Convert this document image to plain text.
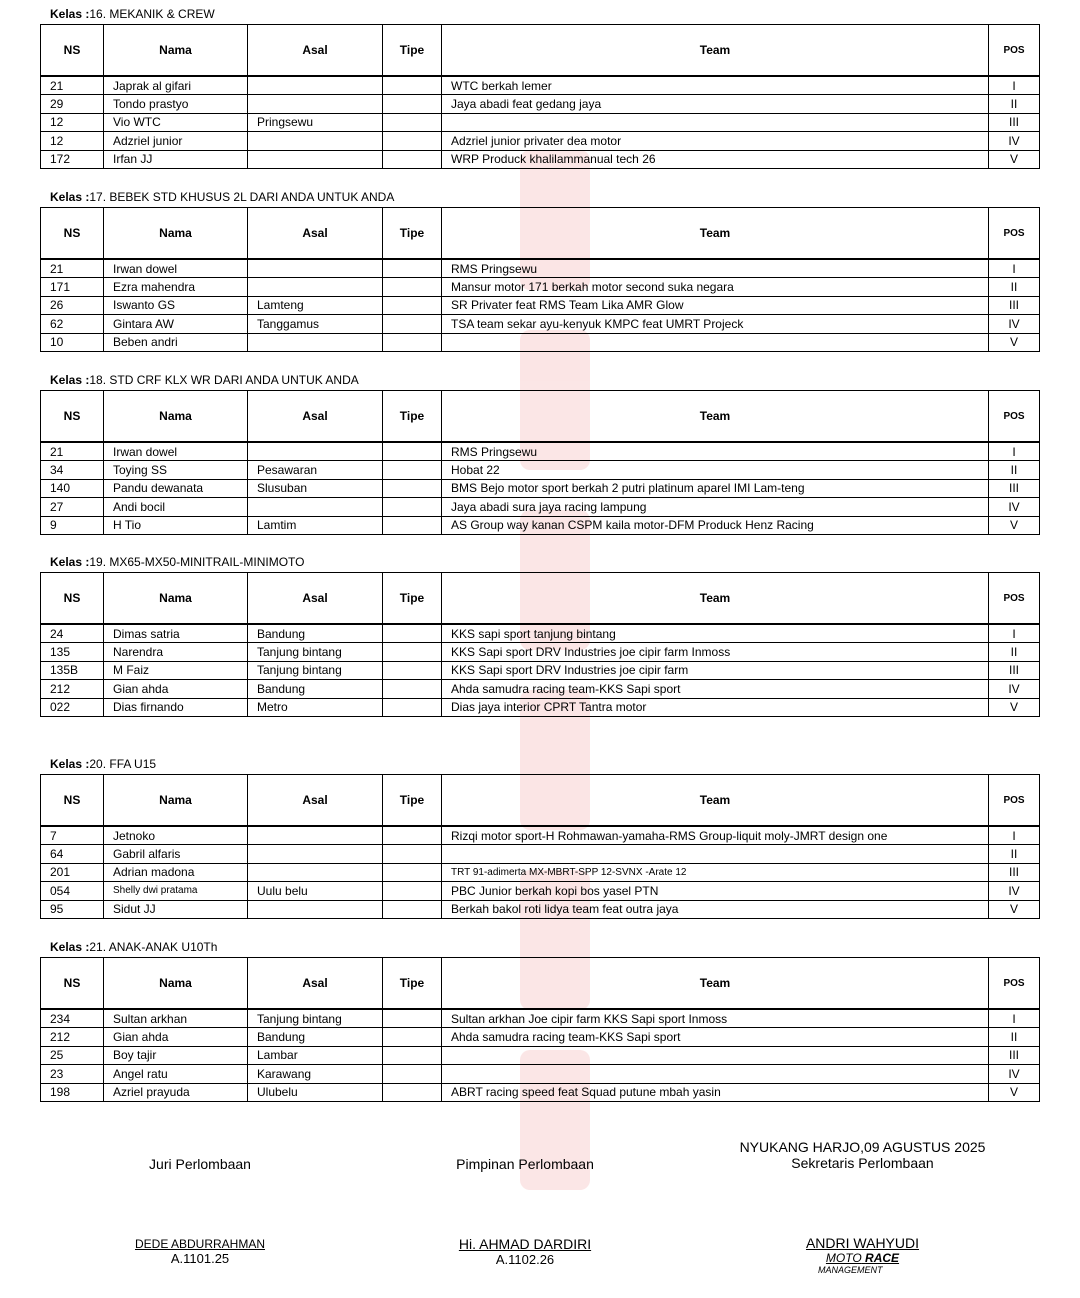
Kelas :16. MEKANIK & CREW
NS	Nama	Asal	Tipe	Team	POS
21	Japrak al gifari			WTC berkah lemer	I
29	Tondo prastyo			Jaya abadi feat gedang jaya	II
12	Vio WTC	Pringsewu			III
12	Adzriel junior			Adzriel junior privater dea motor	IV
172	Irfan JJ			WRP Produck khalilammanual tech 26	V
Kelas :17. BEBEK STD KHUSUS 2L DARI ANDA UNTUK ANDA
NS	Nama	Asal	Tipe	Team	POS
21	Irwan dowel			RMS Pringsewu	I
171	Ezra mahendra			Mansur motor 171 berkah motor second suka negara	II
26	Iswanto GS	Lamteng		SR Privater feat RMS Team Lika AMR Glow	III
62	Gintara AW	Tanggamus		TSA team sekar ayu-kenyuk KMPC feat UMRT Projeck	IV
10	Beben andri				V
Kelas :18. STD CRF KLX WR DARI ANDA UNTUK ANDA
NS	Nama	Asal	Tipe	Team	POS
21	Irwan dowel			RMS Pringsewu	I
34	Toying SS	Pesawaran		Hobat 22	II
140	Pandu dewanata	Slusuban		BMS Bejo motor sport berkah 2 putri platinum aparel IMI Lam-teng	III
27	Andi bocil			Jaya abadi sura jaya racing lampung	IV
9	H Tio	Lamtim		AS Group way kanan CSPM kaila motor-DFM Produck Henz Racing	V
Kelas :19. MX65-MX50-MINITRAIL-MINIMOTO
NS	Nama	Asal	Tipe	Team	POS
24	Dimas satria	Bandung		KKS sapi sport tanjung bintang	I
135	Narendra	Tanjung bintang		KKS Sapi sport DRV Industries joe cipir farm Inmoss	II
135B	M Faiz	Tanjung bintang		KKS Sapi sport DRV Industries joe cipir farm	III
212	Gian ahda	Bandung		Ahda samudra racing team-KKS Sapi sport	IV
022	Dias firnando	Metro		Dias jaya interior CPRT Tantra motor	V
Kelas :20. FFA U15
NS	Nama	Asal	Tipe	Team	POS
7	Jetnoko			Rizqi motor sport-H Rohmawan-yamaha-RMS Group-liquit moly-JMRT design one	I
64	Gabril alfaris				II
201	Adrian madona			TRT 91-adimerta MX-MBRT-SPP 12-SVNX -Arate 12	III
054	Shelly dwi pratama	Uulu belu		PBC Junior berkah kopi bos yasel PTN	IV
95	Sidut JJ			Berkah bakol roti lidya team feat outra jaya	V
Kelas :21. ANAK-ANAK U10Th
NS	Nama	Asal	Tipe	Team	POS
234	Sultan arkhan	Tanjung bintang		Sultan arkhan Joe cipir farm KKS Sapi sport Inmoss	I
212	Gian ahda	Bandung		Ahda samudra racing team-KKS Sapi sport	II
25	Boy tajir	Lambar			III
23	Angel ratu	Karawang			IV
198	Azriel prayuda	Ulubelu		ABRT racing speed feat Squad putune mbah yasin	V
Juri Perlombaan
DEDE ABDURRAHMAN
A.1101.25
Pimpinan Perlombaan
Hi. AHMAD DARDIRI
A.1102.26
NYUKANG HARJO,09 AGUSTUS 2025
Sekretaris Perlombaan
ANDRI WAHYUDI
MOTO RACE
MANAGEMENT
